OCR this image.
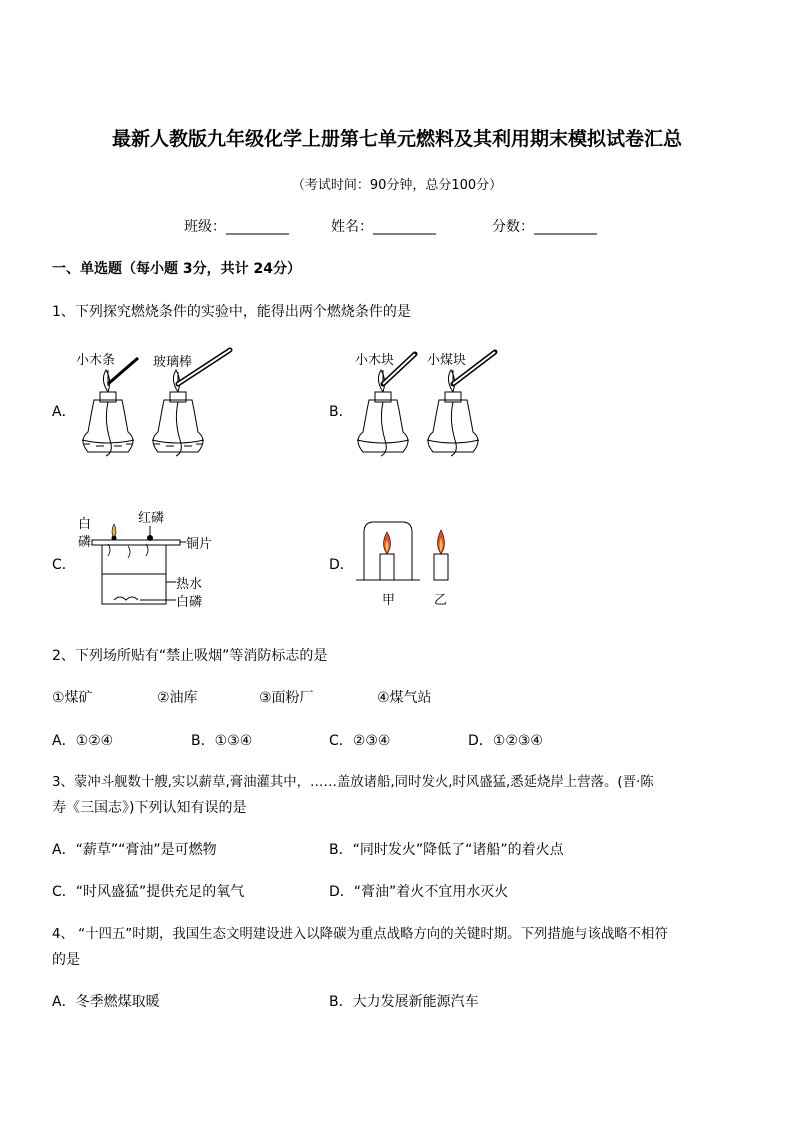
最新人教版九年级化学上册第七单元燃料及其利用期末模拟试卷汇总
（考试时间：90分钟，总分100分）
班级：_________	姓名：_________	分数：_________
一、单选题（每小题 3分，共计 24分）
1、下列探究燃烧条件的实验中，能得出两个燃烧条件的是
A．
小木条	玻璃棒
B．
小木块	小煤块
C．
白
磷
红磷
铜片
热水
白磷
D．
甲	乙
2、下列场所贴有“禁止吸烟”等消防标志的是
①煤矿	②油库	③面粉厂	④煤气站
A．①②④	B．①③④	C．②③④	D．①②③④
3、蒙冲斗舰数十艘,实以薪草,膏油灌其中，……盖放诸船,同时发火,时风盛猛,悉延烧岸上营落。(晋·陈
寿《三国志》)下列认知有误的是
A．“薪草”“膏油”是可燃物	B．“同时发火”降低了“诸船”的着火点
C．“时风盛猛”提供充足的氧气	D．“膏油”着火不宜用水灭火
4、 “十四五”时期，我国生态文明建设进入以降碳为重点战略方向的关键时期。下列措施与该战略不相符
的是
A．冬季燃煤取暖	B．大力发展新能源汽车
